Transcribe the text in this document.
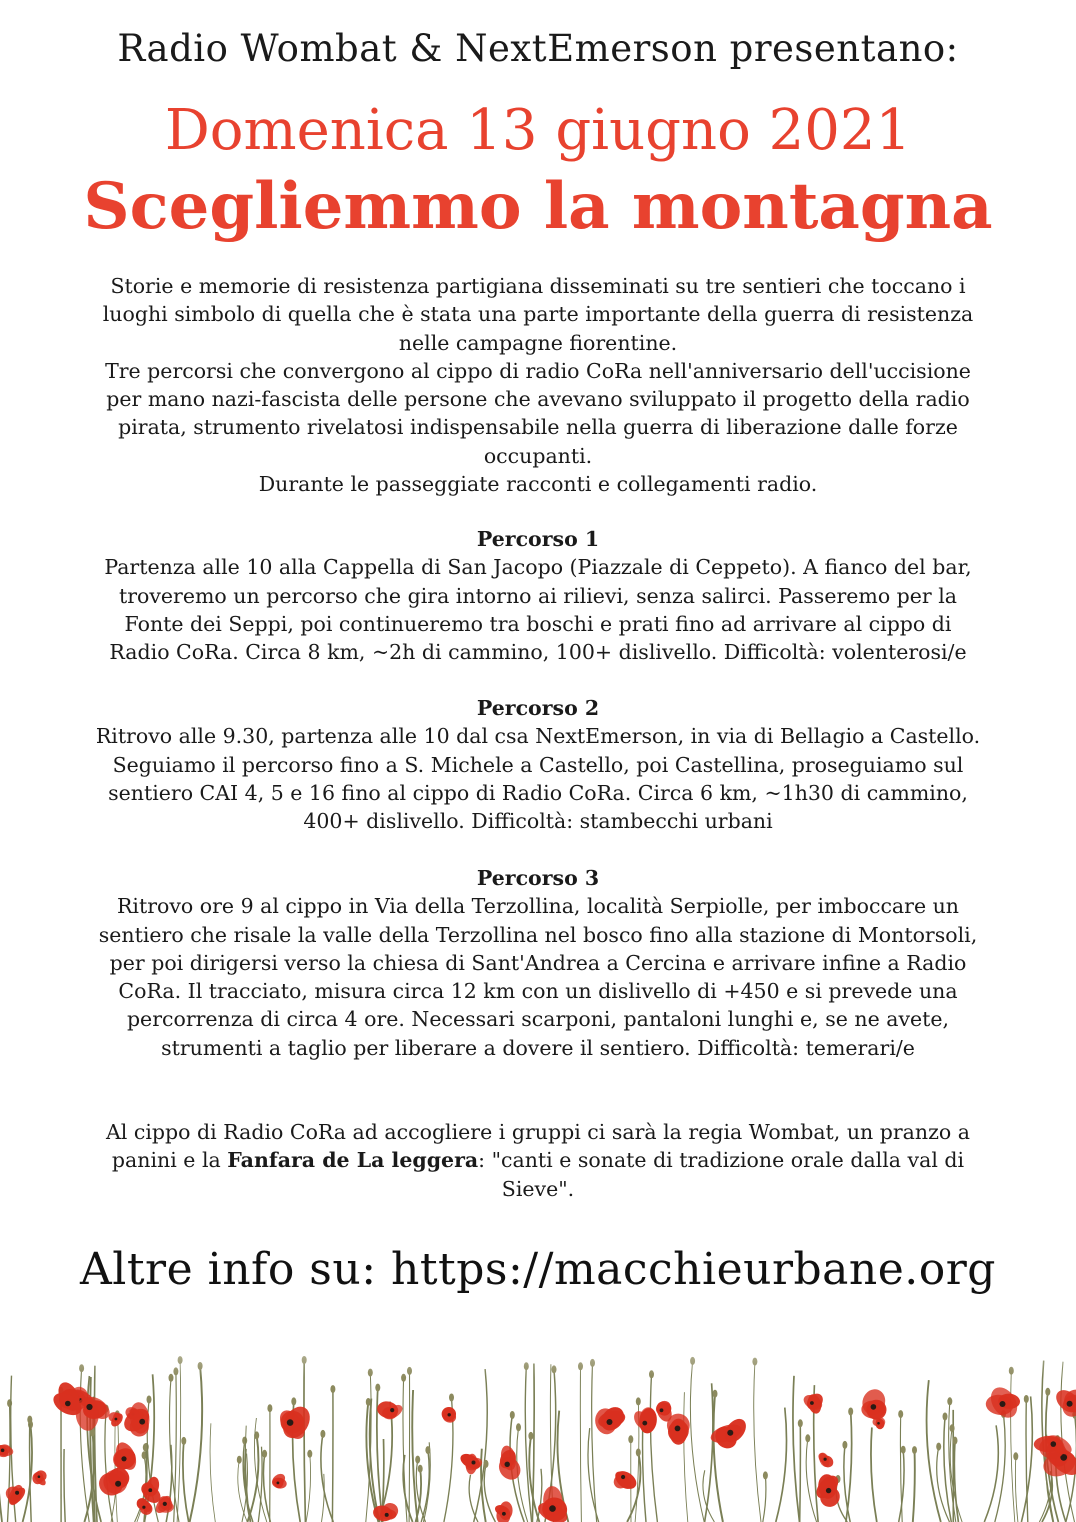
Radio Wombat & NextEmerson presentano:
Domenica 13 giugno 2021
Scegliemmo la montagna
Storie e memorie di resistenza partigiana disseminati su tre sentieri che toccano i
luoghi simbolo di quella che è stata una parte importante della guerra di resistenza
nelle campagne fiorentine.
Tre percorsi che convergono al cippo di radio CoRa nell'anniversario dell'uccisione
per mano nazi-fascista delle persone che avevano sviluppato il progetto della radio
pirata, strumento rivelatosi indispensabile nella guerra di liberazione dalle forze
occupanti.
Durante le passeggiate racconti e collegamenti radio.
Percorso 1
Partenza alle 10 alla Cappella di San Jacopo (Piazzale di Ceppeto). A fianco del bar,
troveremo un percorso che gira intorno ai rilievi, senza salirci. Passeremo per la
Fonte dei Seppi, poi continueremo tra boschi e prati fino ad arrivare al cippo di
Radio CoRa. Circa 8 km, ~2h di cammino, 100+ dislivello. Difficoltà: volenterosi/e
Percorso 2
Ritrovo alle 9.30, partenza alle 10 dal csa NextEmerson, in via di Bellagio a Castello.
Seguiamo il percorso fino a S. Michele a Castello, poi Castellina, proseguiamo sul
sentiero CAI 4, 5 e 16 fino al cippo di Radio CoRa. Circa 6 km, ~1h30 di cammino,
400+ dislivello. Difficoltà: stambecchi urbani
Percorso 3
Ritrovo ore 9 al cippo in Via della Terzollina, località Serpiolle, per imboccare un
sentiero che risale la valle della Terzollina nel bosco fino alla stazione di Montorsoli,
per poi dirigersi verso la chiesa di Sant'Andrea a Cercina e arrivare infine a Radio
CoRa. Il tracciato, misura circa 12 km con un dislivello di +450 e si prevede una
percorrenza di circa 4 ore. Necessari scarponi, pantaloni lunghi e, se ne avete,
strumenti a taglio per liberare a dovere il sentiero. Difficoltà: temerari/e
Al cippo di Radio CoRa ad accogliere i gruppi ci sarà la regia Wombat, un pranzo a
panini e la Fanfara de La leggera: "canti e sonate di tradizione orale dalla val di
Sieve".
Altre info su: https://macchieurbane.org
